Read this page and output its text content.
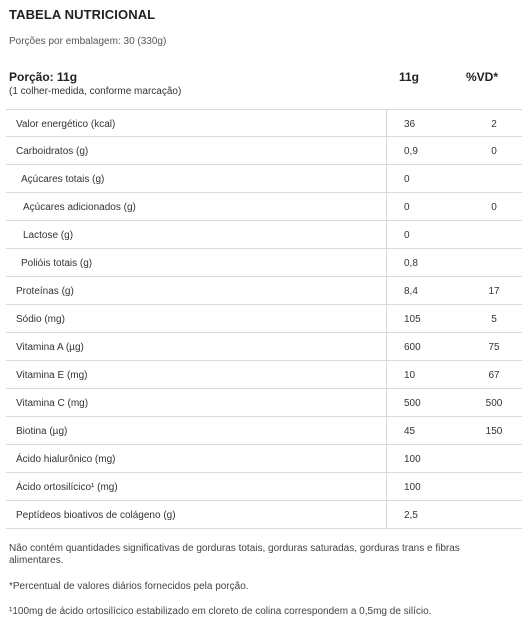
TABELA NUTRICIONAL
Porções por embalagem: 30 (330g)
Porção: 11g
(1 colher-medida, conforme marcação)
11g	%VD*
Valor energético (kcal)	36	2
Carboidratos (g)	0,9	0
Açúcares totais (g)	0
Açúcares adicionados (g)	0	0
Lactose (g)	0
Polióis totais (g)	0,8
Proteínas (g)	8,4	17
Sódio (mg)	105	5
Vitamina A (µg)	600	75
Vitamina E (mg)	10	67
Vitamina C (mg)	500	500
Biotina (µg)	45	150
Ácido hialurônico (mg)	100
Ácido ortosilícico¹ (mg)	100
Peptídeos bioativos de colágeno (g)	2,5
Não contém quantidades significativas de gorduras totais, gorduras saturadas, gorduras trans e fibras alimentares.
*Percentual de valores diários fornecidos pela porção.
¹100mg de ácido ortosilícico estabilizado em cloreto de colina correspondem a 0,5mg de silício.
